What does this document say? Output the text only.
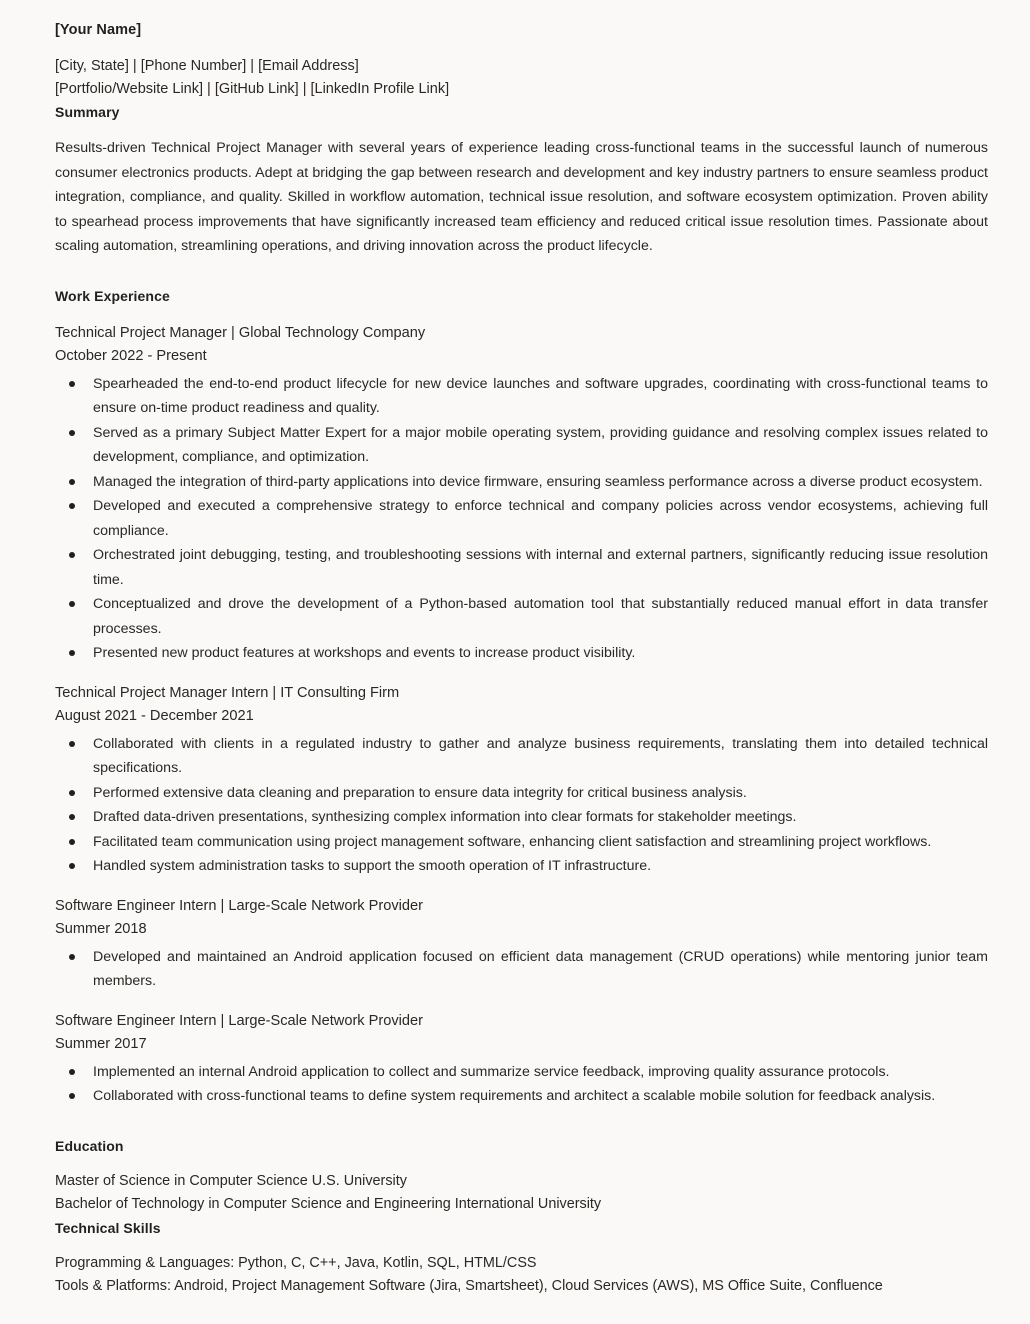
[Your Name]

[City, State] | [Phone Number] | [Email Address]

[Portfolio/Website Link] | [GitHub Link] | [LinkedIn Profile Link]

Summary

Results-driven Technical Project Manager with several years of experience leading cross-functional teams in the successful launch of numerous consumer electronics products. Adept at bridging the gap between research and development and key industry partners to ensure seamless product integration, compliance, and quality. Skilled in workflow automation, technical issue resolution, and software ecosystem optimization. Proven ability to spearhead process improvements that have significantly increased team efficiency and reduced critical issue resolution times. Passionate about scaling automation, streamlining operations, and driving innovation across the product lifecycle.

Work Experience

Technical Project Manager | Global Technology Company

October 2022 - Present

Spearheaded the end-to-end product lifecycle for new device launches and software upgrades, coordinating with cross-functional teams to ensure on-time product readiness and quality.
Served as a primary Subject Matter Expert for a major mobile operating system, providing guidance and resolving complex issues related to development, compliance, and optimization.
Managed the integration of third-party applications into device firmware, ensuring seamless performance across a diverse product ecosystem.
Developed and executed a comprehensive strategy to enforce technical and company policies across vendor ecosystems, achieving full compliance.
Orchestrated joint debugging, testing, and troubleshooting sessions with internal and external partners, significantly reducing issue resolution time.
Conceptualized and drove the development of a Python-based automation tool that substantially reduced manual effort in data transfer processes.
Presented new product features at workshops and events to increase product visibility.

Technical Project Manager Intern | IT Consulting Firm

August 2021 - December 2021

Collaborated with clients in a regulated industry to gather and analyze business requirements, translating them into detailed technical specifications.
Performed extensive data cleaning and preparation to ensure data integrity for critical business analysis.
Drafted data-driven presentations, synthesizing complex information into clear formats for stakeholder meetings.
Facilitated team communication using project management software, enhancing client satisfaction and streamlining project workflows.
Handled system administration tasks to support the smooth operation of IT infrastructure.

Software Engineer Intern | Large-Scale Network Provider

Summer 2018

Developed and maintained an Android application focused on efficient data management (CRUD operations) while mentoring junior team members.

Software Engineer Intern | Large-Scale Network Provider

Summer 2017

Implemented an internal Android application to collect and summarize service feedback, improving quality assurance protocols.
Collaborated with cross-functional teams to define system requirements and architect a scalable mobile solution for feedback analysis.
Education

Master of Science in Computer Science U.S. University

Bachelor of Technology in Computer Science and Engineering International University

Technical Skills

Programming & Languages: Python, C, C++, Java, Kotlin, SQL, HTML/CSS

Tools & Platforms: Android, Project Management Software (Jira, Smartsheet), Cloud Services (AWS), MS Office Suite, Confluence
